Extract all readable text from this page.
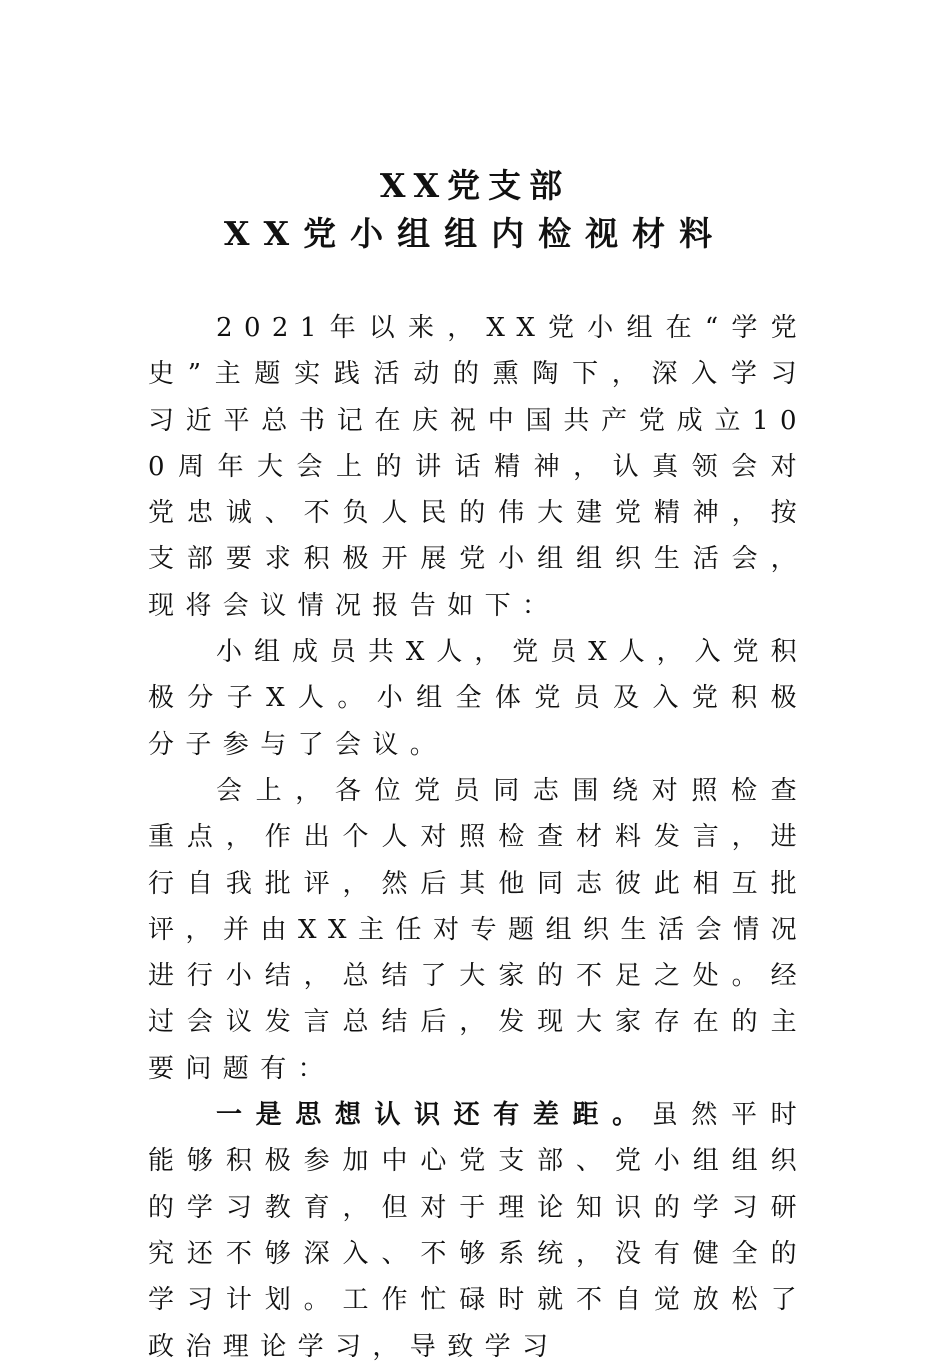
XX党支部
XX党小组组内检视材料

2021年以来，XX党小组在“学党史”主题实践活动的熏陶下，深入学习习近平总书记在庆祝中国共产党成立100周年大会上的讲话精神，认真领会对党忠诚、不负人民的伟大建党精神，按支部要求积极开展党小组组织生活会，现将会议情况报告如下：

小组成员共X人，党员X人，入党积极分子X人。小组全体党员及入党积极分子参与了会议。

会上，各位党员同志围绕对照检查重点，作出个人对照检查材料发言，进行自我批评，然后其他同志彼此相互批评，并由XX主任对专题组织生活会情况进行小结，总结了大家的不足之处。经过会议发言总结后，发现大家存在的主要问题有：

一是思想认识还有差距。虽然平时能够积极参加中心党支部、党小组组织的学习教育，但对于理论知识的学习研究还不够深入、不够系统，没有健全的学习计划。工作忙碌时就不自觉放松了政治理论学习，导致学习
